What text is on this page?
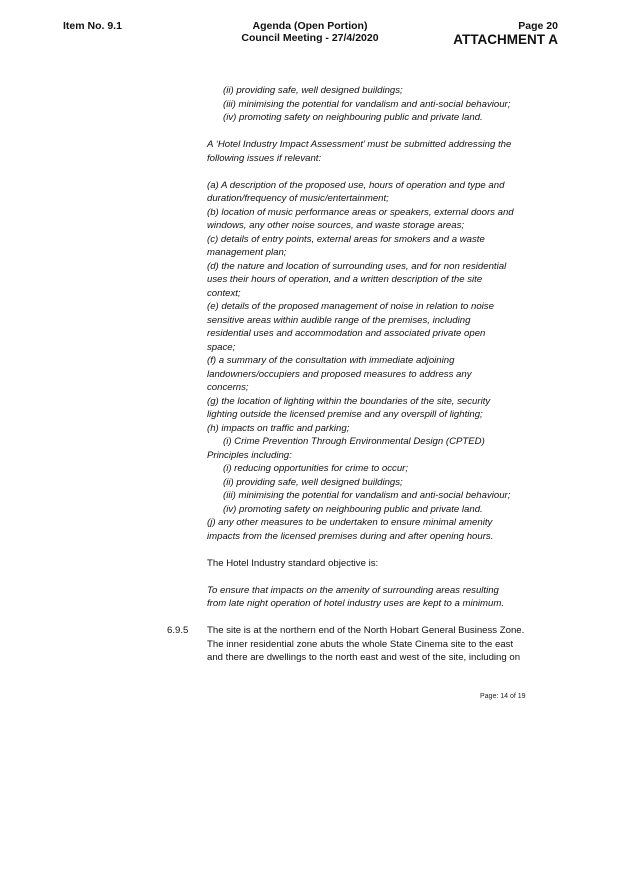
Item No. 9.1	Agenda (Open Portion)
Council Meeting - 27/4/2020
Page 20
ATTACHMENT A
(ii) providing safe, well designed buildings;
(iii) minimising the potential for vandalism and anti-social behaviour;
(iv) promoting safety on neighbouring public and private land.
A ‘Hotel Industry Impact Assessment’ must be submitted addressing the
following issues if relevant:
(a) A description of the proposed use, hours of operation and type and
duration/frequency of music/entertainment;
(b) location of music performance areas or speakers, external doors and
windows, any other noise sources, and waste storage areas;
(c) details of entry points, external areas for smokers and a waste
management plan;
(d) the nature and location of surrounding uses, and for non residential
uses their hours of operation, and a written description of the site
context;
(e) details of the proposed management of noise in relation to noise
sensitive areas within audible range of the premises, including
residential uses and accommodation and associated private open
space;
(f) a summary of the consultation with immediate adjoining
landowners/occupiers and proposed measures to address any
concerns;
(g) the location of lighting within the boundaries of the site, security
lighting outside the licensed premise and any overspill of lighting;
(h) impacts on traffic and parking;
(i) Crime Prevention Through Environmental Design (CPTED)
Principles including:
(i) reducing opportunities for crime to occur;
(ii) providing safe, well designed buildings;
(iii) minimising the potential for vandalism and anti-social behaviour;
(iv) promoting safety on neighbouring public and private land.
(j) any other measures to be undertaken to ensure minimal amenity
impacts from the licensed premises during and after opening hours.
The Hotel Industry standard objective is:
To ensure that impacts on the amenity of surrounding areas resulting
from late night operation of hotel industry uses are kept to a minimum.
6.9.5 The site is at the northern end of the North Hobart General Business Zone.
The inner residential zone abuts the whole State Cinema site to the east
and there are dwellings to the north east and west of the site, including on
Page: 14 of 19
